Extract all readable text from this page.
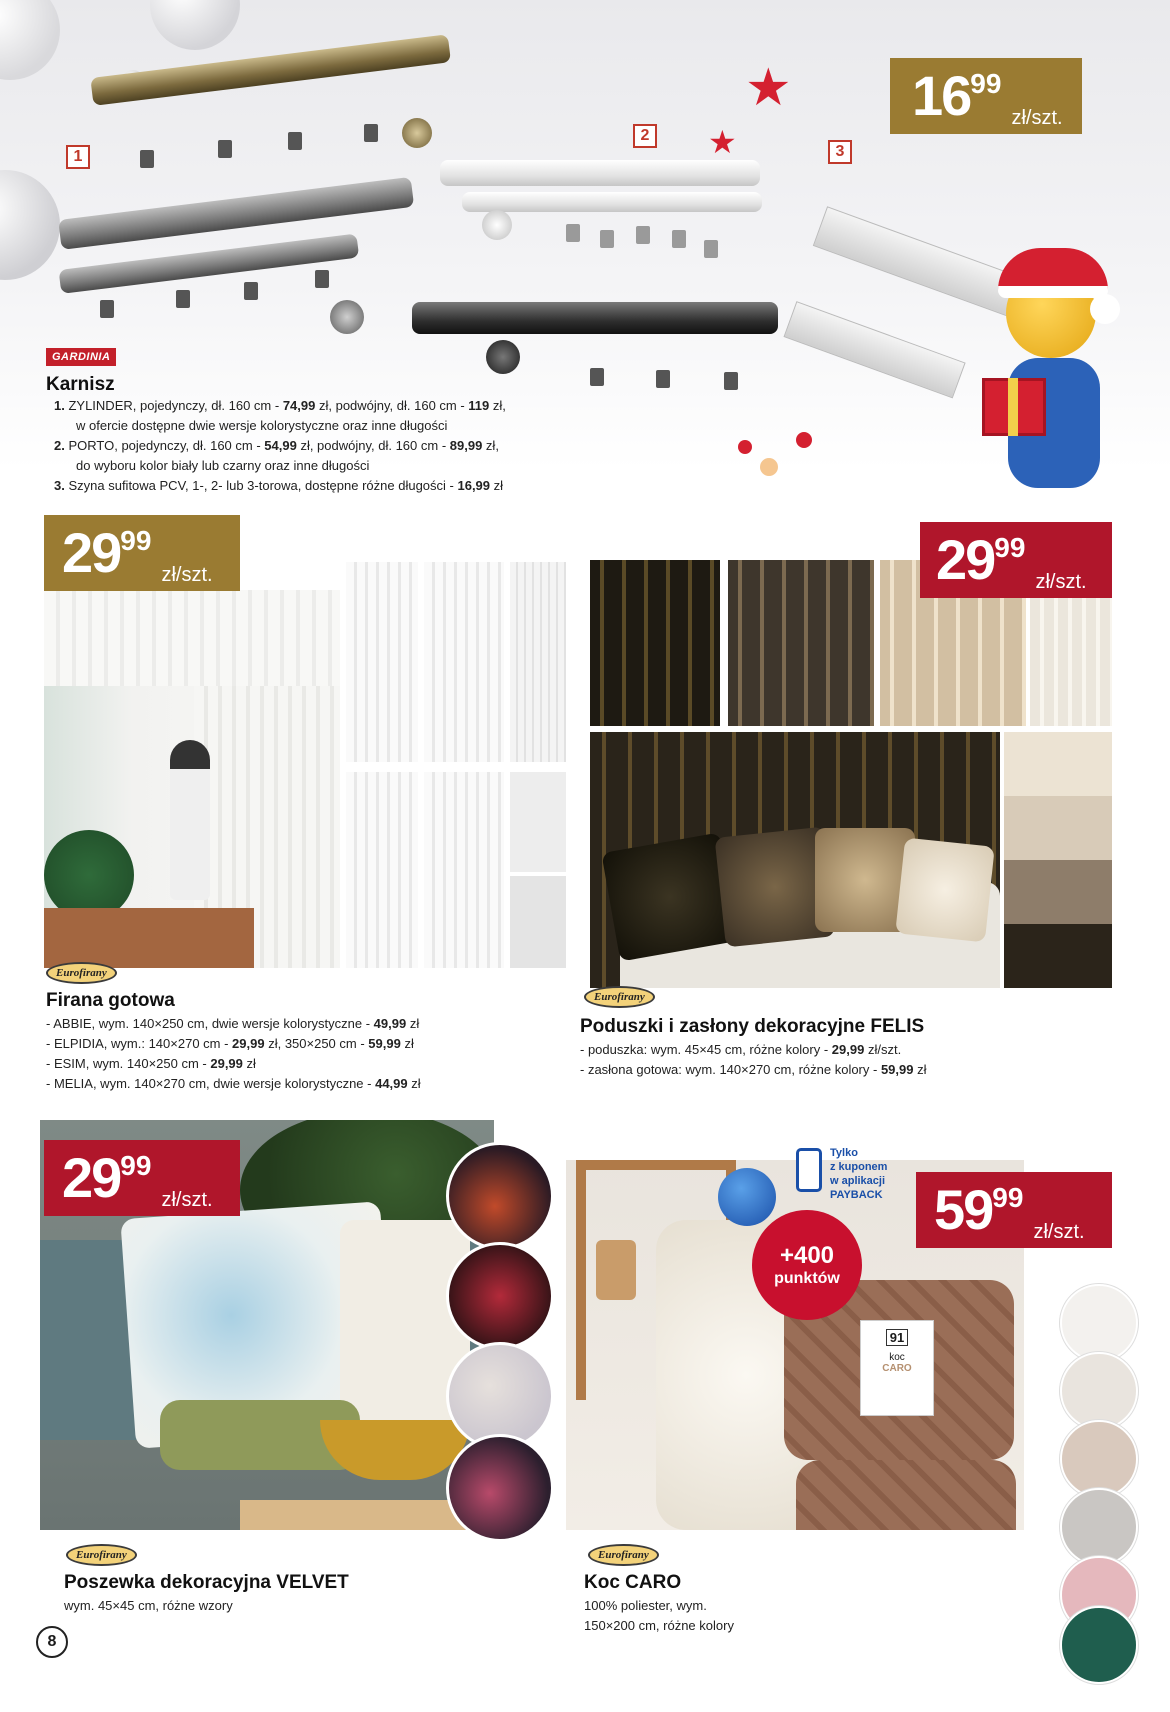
★
★
16 99
zł/szt.
1
2
3
GARDINIA
Karnisz
1. ZYLINDER, pojedynczy, dł. 160 cm - 74,99 zł, podwójny, dł. 160 cm - 119 zł,
w ofercie dostępne dwie wersje kolorystyczne oraz inne długości
2. PORTO, pojedynczy, dł. 160 cm - 54,99 zł, podwójny, dł. 160 cm - 89,99 zł,
do wyboru kolor biały lub czarny oraz inne długości
3. Szyna sufitowa PCV, 1-, 2- lub 3-torowa, dostępne różne długości - 16,99 zł
29 99
zł/szt.
Eurofirany
Firana gotowa
- ABBIE, wym. 140×250 cm, dwie wersje kolorystyczne - 49,99 zł
- ELPIDIA, wym.: 140×270 cm - 29,99 zł, 350×250 cm - 59,99 zł
- ESIM, wym. 140×250 cm - 29,99 zł
- MELIA, wym. 140×270 cm, dwie wersje kolorystyczne - 44,99 zł
29 99
zł/szt.
Eurofirany
Poduszki i zasłony dekoracyjne FELIS
- poduszka: wym. 45×45 cm, różne kolory - 29,99 zł/szt.
- zasłona gotowa: wym. 140×270 cm, różne kolory - 59,99 zł
29 99
zł/szt.
Eurofirany
Poszewka dekoracyjna VELVET
wym. 45×45 cm, różne wzory
91
koc
CARO
+400
punktów
Tylko
z kuponem
w aplikacji
PAYBACK 59 99
zł/szt.
Eurofirany
Koc CARO
100% poliester, wym.
150×200 cm, różne kolory
8
